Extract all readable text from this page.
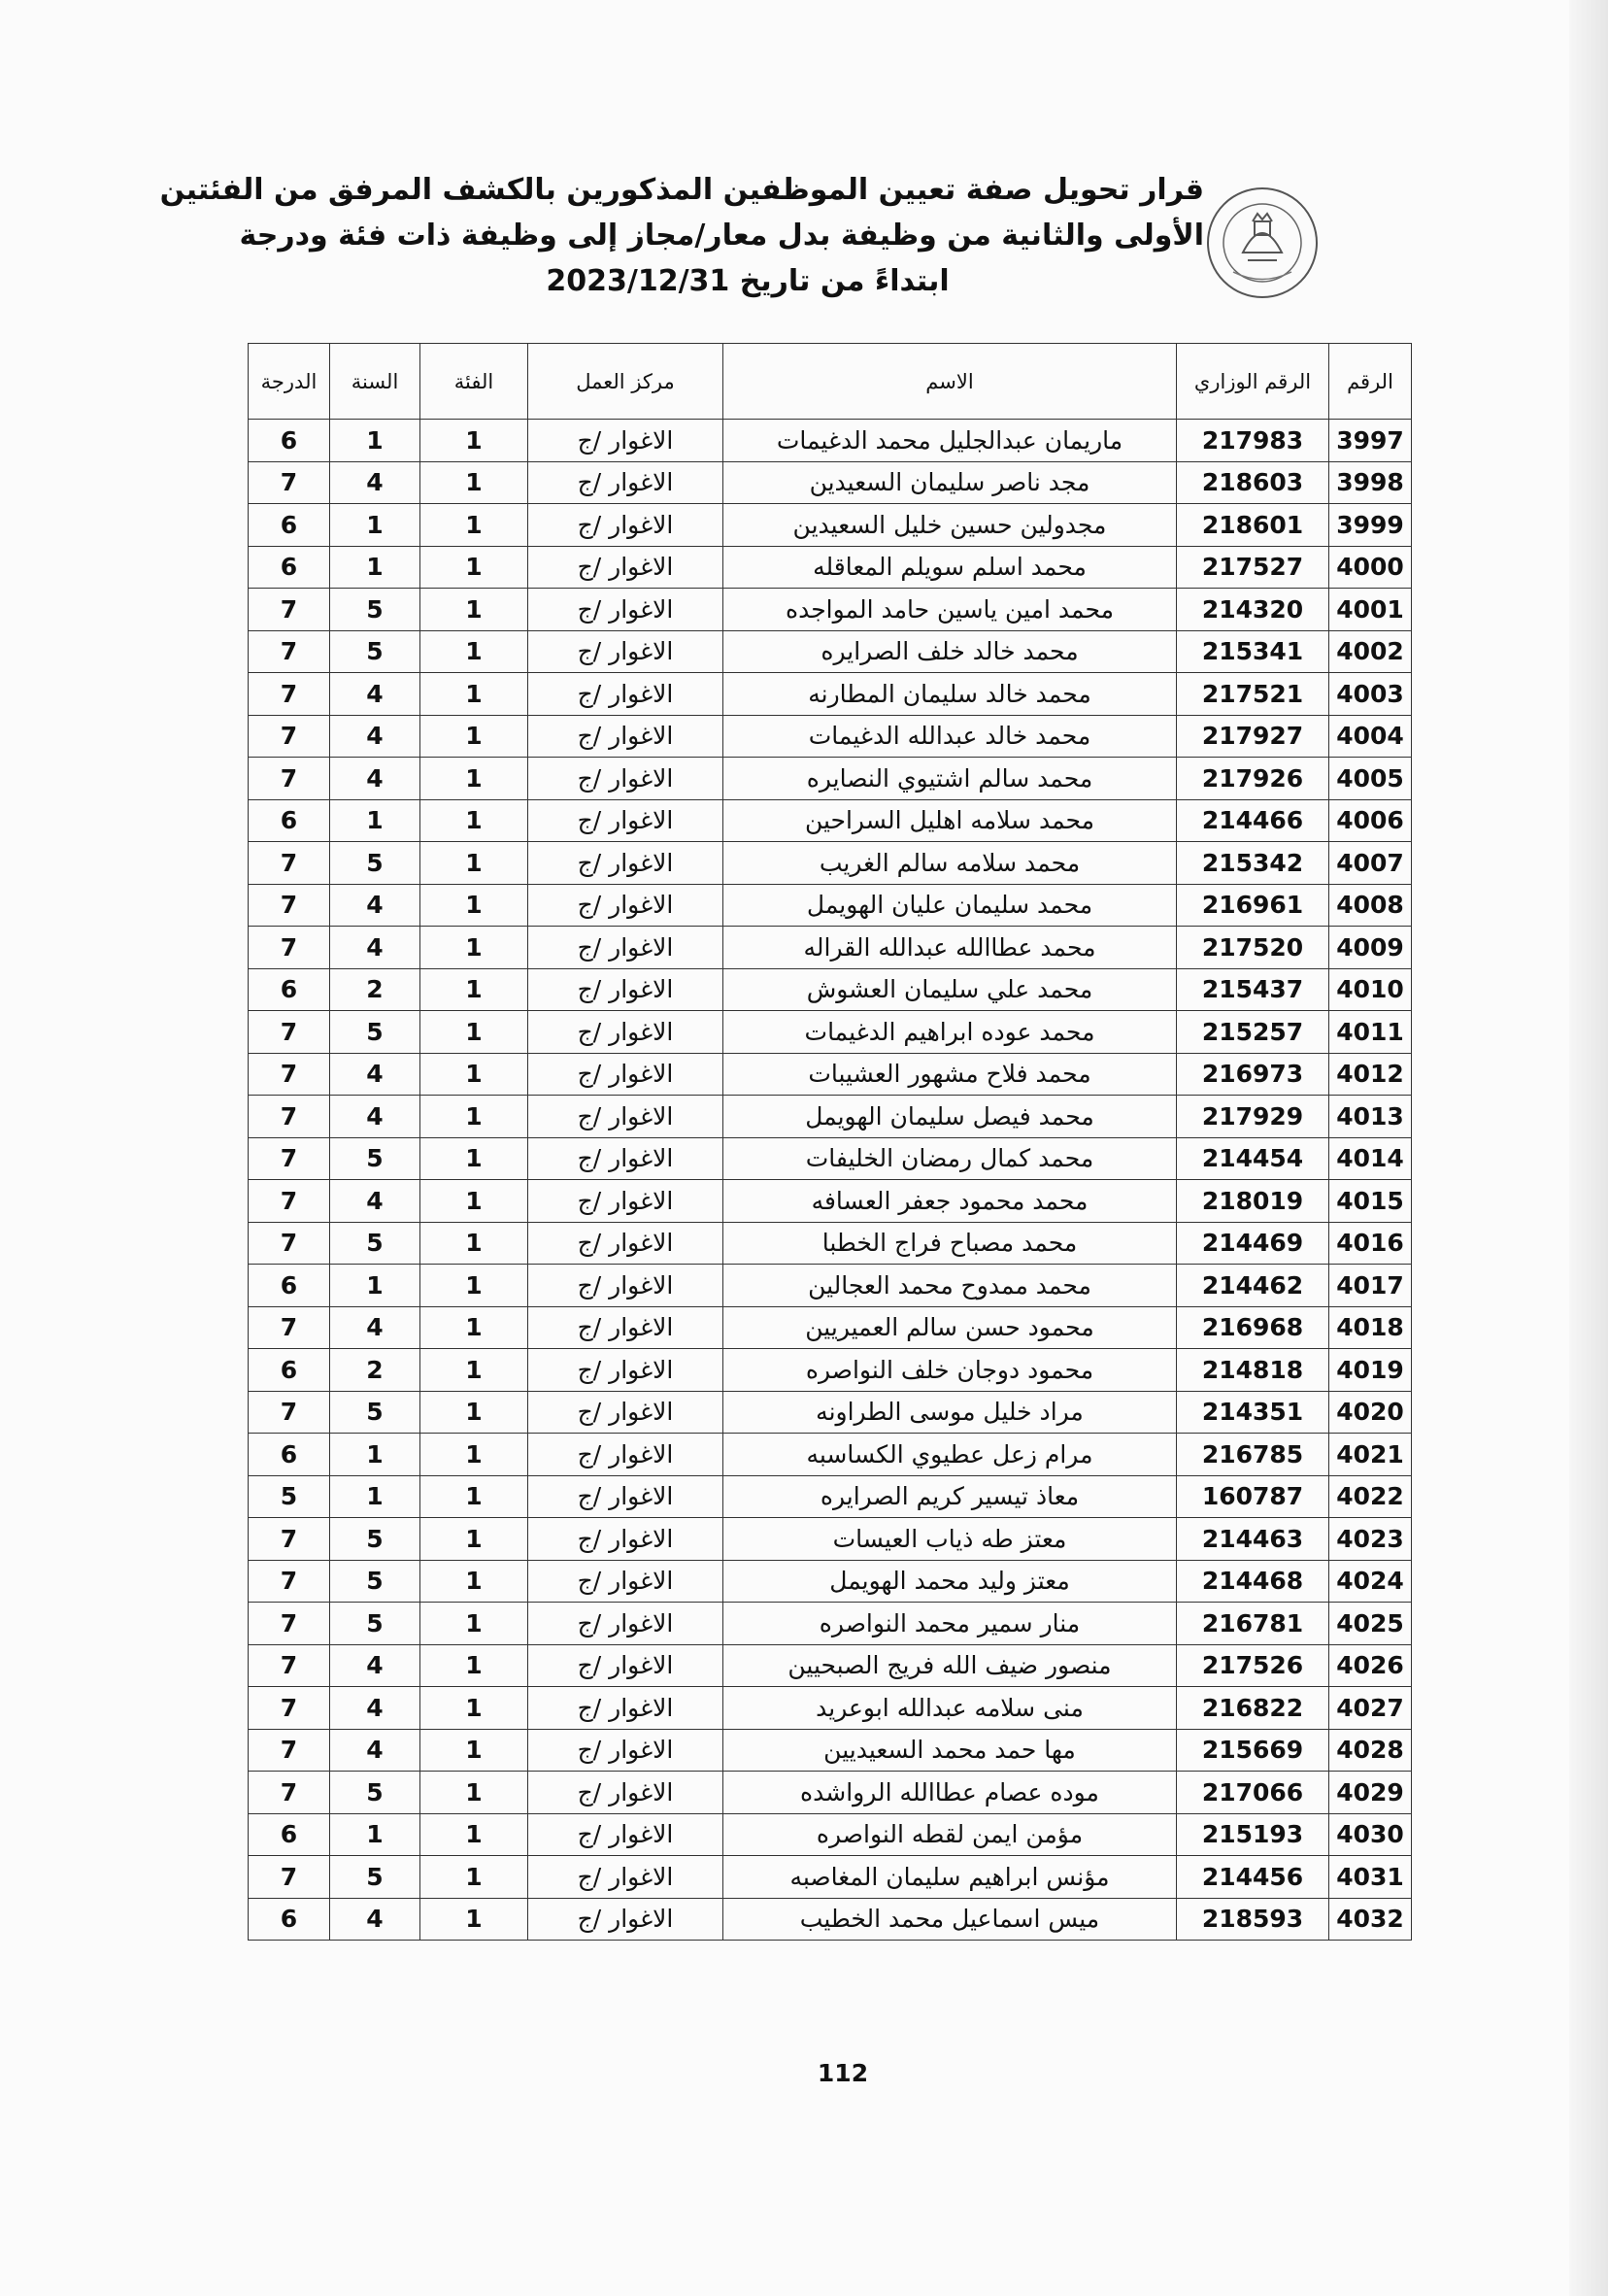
قرار تحويل صفة تعيين الموظفين المذكورين بالكشف المرفق من الفئتين
الأولى والثانية من وظيفة بدل معار/مجاز إلى وظيفة ذات فئة ودرجة
ابتداءً من تاريخ 2023/12/31
الرقم	الرقم الوزاري	الاسم	مركز العمل	الفئة	السنة	الدرجة
3997	217983	ماريمان عبدالجليل محمد الدغيمات	الاغوار /ج	1	1	6
3998	218603	مجد ناصر سليمان السعيدين	الاغوار /ج	1	4	7
3999	218601	مجدولين حسين خليل السعيدين	الاغوار /ج	1	1	6
4000	217527	محمد اسلم سويلم المعاقله	الاغوار /ج	1	1	6
4001	214320	محمد امين ياسين حامد المواجده	الاغوار /ج	1	5	7
4002	215341	محمد خالد خلف الصرايره	الاغوار /ج	1	5	7
4003	217521	محمد خالد سليمان المطارنه	الاغوار /ج	1	4	7
4004	217927	محمد خالد عبدالله الدغيمات	الاغوار /ج	1	4	7
4005	217926	محمد سالم اشتيوي النصايره	الاغوار /ج	1	4	7
4006	214466	محمد سلامه اهليل السراحين	الاغوار /ج	1	1	6
4007	215342	محمد سلامه سالم الغريب	الاغوار /ج	1	5	7
4008	216961	محمد سليمان عليان الهويمل	الاغوار /ج	1	4	7
4009	217520	محمد عطاالله عبدالله القراله	الاغوار /ج	1	4	7
4010	215437	محمد علي سليمان العشوش	الاغوار /ج	1	2	6
4011	215257	محمد عوده ابراهيم الدغيمات	الاغوار /ج	1	5	7
4012	216973	محمد فلاح مشهور العشيبات	الاغوار /ج	1	4	7
4013	217929	محمد فيصل سليمان الهويمل	الاغوار /ج	1	4	7
4014	214454	محمد كمال رمضان الخليفات	الاغوار /ج	1	5	7
4015	218019	محمد محمود جعفر العسافه	الاغوار /ج	1	4	7
4016	214469	محمد مصباح فراج الخطبا	الاغوار /ج	1	5	7
4017	214462	محمد ممدوح محمد العجالين	الاغوار /ج	1	1	6
4018	216968	محمود حسن سالم العميريين	الاغوار /ج	1	4	7
4019	214818	محمود دوجان خلف النواصره	الاغوار /ج	1	2	6
4020	214351	مراد خليل موسى الطراونه	الاغوار /ج	1	5	7
4021	216785	مرام زعل عطيوي الكساسبه	الاغوار /ج	1	1	6
4022	160787	معاذ تيسير كريم الصرايره	الاغوار /ج	1	1	5
4023	214463	معتز طه ذياب العيسات	الاغوار /ج	1	5	7
4024	214468	معتز وليد محمد الهويمل	الاغوار /ج	1	5	7
4025	216781	منار سمير محمد النواصره	الاغوار /ج	1	5	7
4026	217526	منصور ضيف الله فريج الصبحيين	الاغوار /ج	1	4	7
4027	216822	منى سلامه عبدالله ابوعريد	الاغوار /ج	1	4	7
4028	215669	مها حمد محمد السعيديين	الاغوار /ج	1	4	7
4029	217066	موده عصام عطاالله الرواشده	الاغوار /ج	1	5	7
4030	215193	مؤمن ايمن لقطه النواصره	الاغوار /ج	1	1	6
4031	214456	مؤنس ابراهيم سليمان المغاصبه	الاغوار /ج	1	5	7
4032	218593	ميس اسماعيل محمد الخطيب	الاغوار /ج	1	4	6
112
